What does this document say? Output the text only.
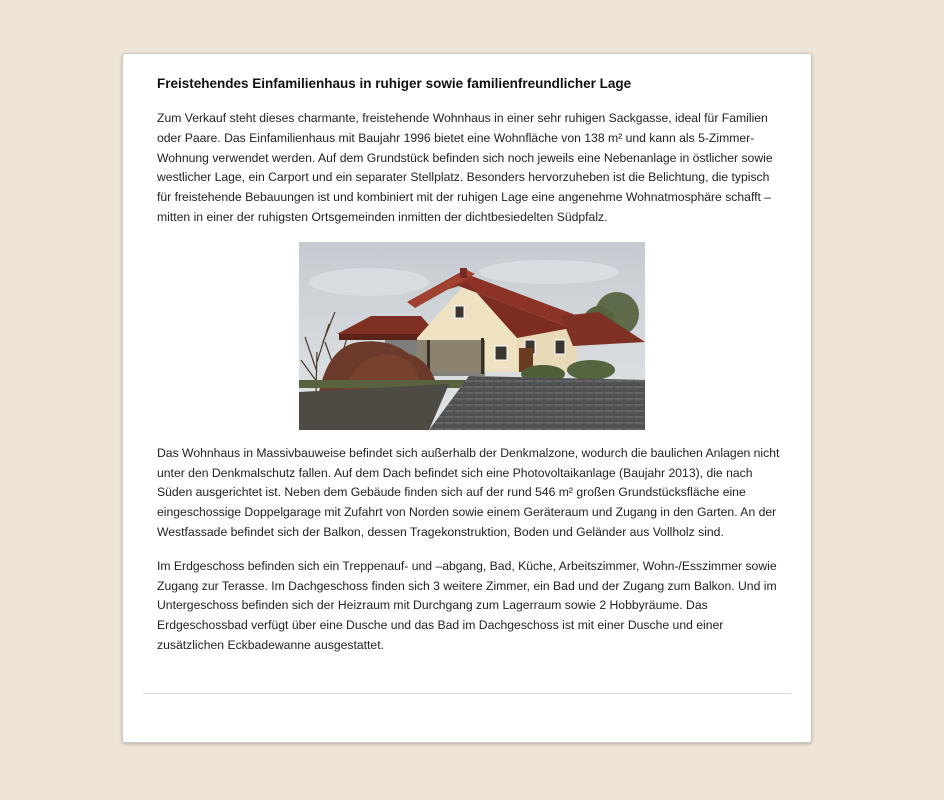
Freistehendes Einfamilienhaus in ruhiger sowie familienfreundlicher Lage

Zum Verkauf steht dieses charmante, freistehende Wohnhaus in einer sehr ruhigen Sackgasse, ideal für Familien oder Paare. Das Einfamilienhaus mit Baujahr 1996 bietet eine Wohnfläche von 138 m² und kann als 5-Zimmer-Wohnung verwendet werden. Auf dem Grundstück befinden sich noch jeweils eine Nebenanlage in östlicher sowie westlicher Lage, ein Carport und ein separater Stellplatz. Besonders hervorzuheben ist die Belichtung, die typisch für freistehende Bebauungen ist und kombiniert mit der ruhigen Lage eine angenehme Wohnatmosphäre schafft – mitten in einer der ruhigsten Ortsgemeinden inmitten der dichtbesiedelten Südpfalz.

Das Wohnhaus in Massivbauweise befindet sich außerhalb der Denkmalzone, wodurch die baulichen Anlagen nicht unter den Denkmalschutz fallen. Auf dem Dach befindet sich eine Photovoltaikanlage (Baujahr 2013), die nach Süden ausgerichtet ist. Neben dem Gebäude finden sich auf der rund 546 m² großen Grundstücksfläche eine eingeschossige Doppelgarage mit Zufahrt von Norden sowie einem Geräteraum und Zugang in den Garten. An der Westfassade befindet sich der Balkon, dessen Tragekonstruktion, Boden und Geländer aus Vollholz sind.

Im Erdgeschoss befinden sich ein Treppenauf- und –abgang, Bad, Küche, Arbeitszimmer, Wohn-/Esszimmer sowie Zugang zur Terasse. Im Dachgeschoss finden sich 3 weitere Zimmer, ein Bad und der Zugang zum Balkon. Und im Untergeschoss befinden sich der Heizraum mit Durchgang zum Lagerraum sowie 2 Hobbyräume. Das Erdgeschossbad verfügt über eine Dusche und das Bad im Dachgeschoss ist mit einer Dusche und einer zusätzlichen Eckbadewanne ausgestattet.
